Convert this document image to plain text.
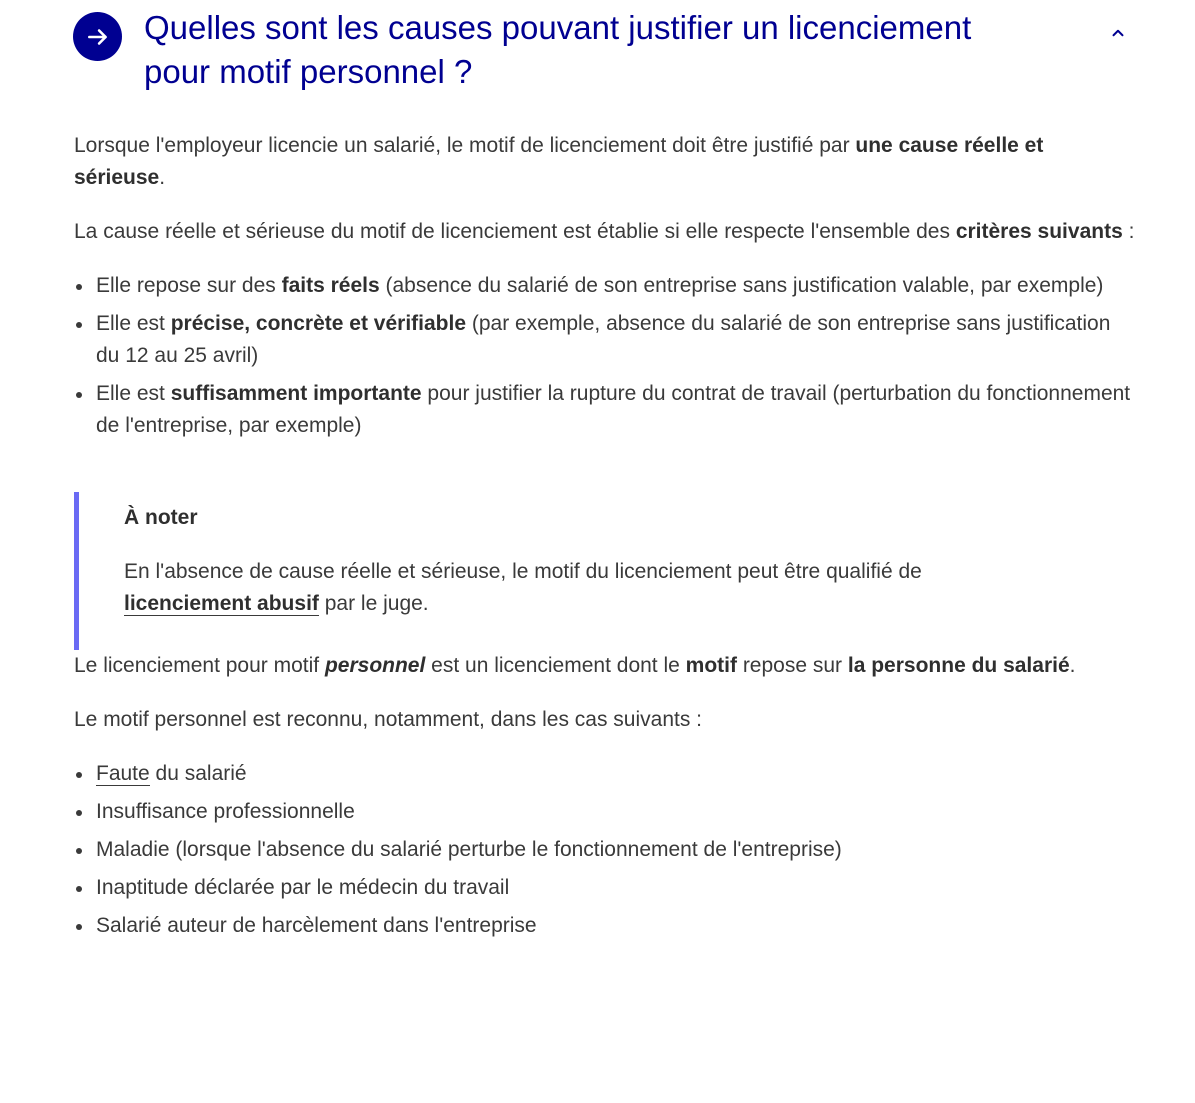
Quelles sont les causes pouvant justifier un licenciement pour motif personnel ?

Lorsque l'employeur licencie un salarié, le motif de licenciement doit être justifié par une cause réelle et sérieuse.

La cause réelle et sérieuse du motif de licenciement est établie si elle respecte l'ensemble des critères suivants :

Elle repose sur des faits réels (absence du salarié de son entreprise sans justification valable, par exemple)
Elle est précise, concrète et vérifiable (par exemple, absence du salarié de son entreprise sans justification du 12 au 25 avril)
Elle est suffisamment importante pour justifier la rupture du contrat de travail (perturbation du fonctionnement de l'entreprise, par exemple)

À noter

En l'absence de cause réelle et sérieuse, le motif du licenciement peut être qualifié de licenciement abusif par le juge.

Le licenciement pour motif personnel est un licenciement dont le motif repose sur la personne du salarié.

Le motif personnel est reconnu, notamment, dans les cas suivants :

Faute du salarié
Insuffisance professionnelle
Maladie (lorsque l'absence du salarié perturbe le fonctionnement de l'entreprise)
Inaptitude déclarée par le médecin du travail
Salarié auteur de harcèlement dans l'entreprise
